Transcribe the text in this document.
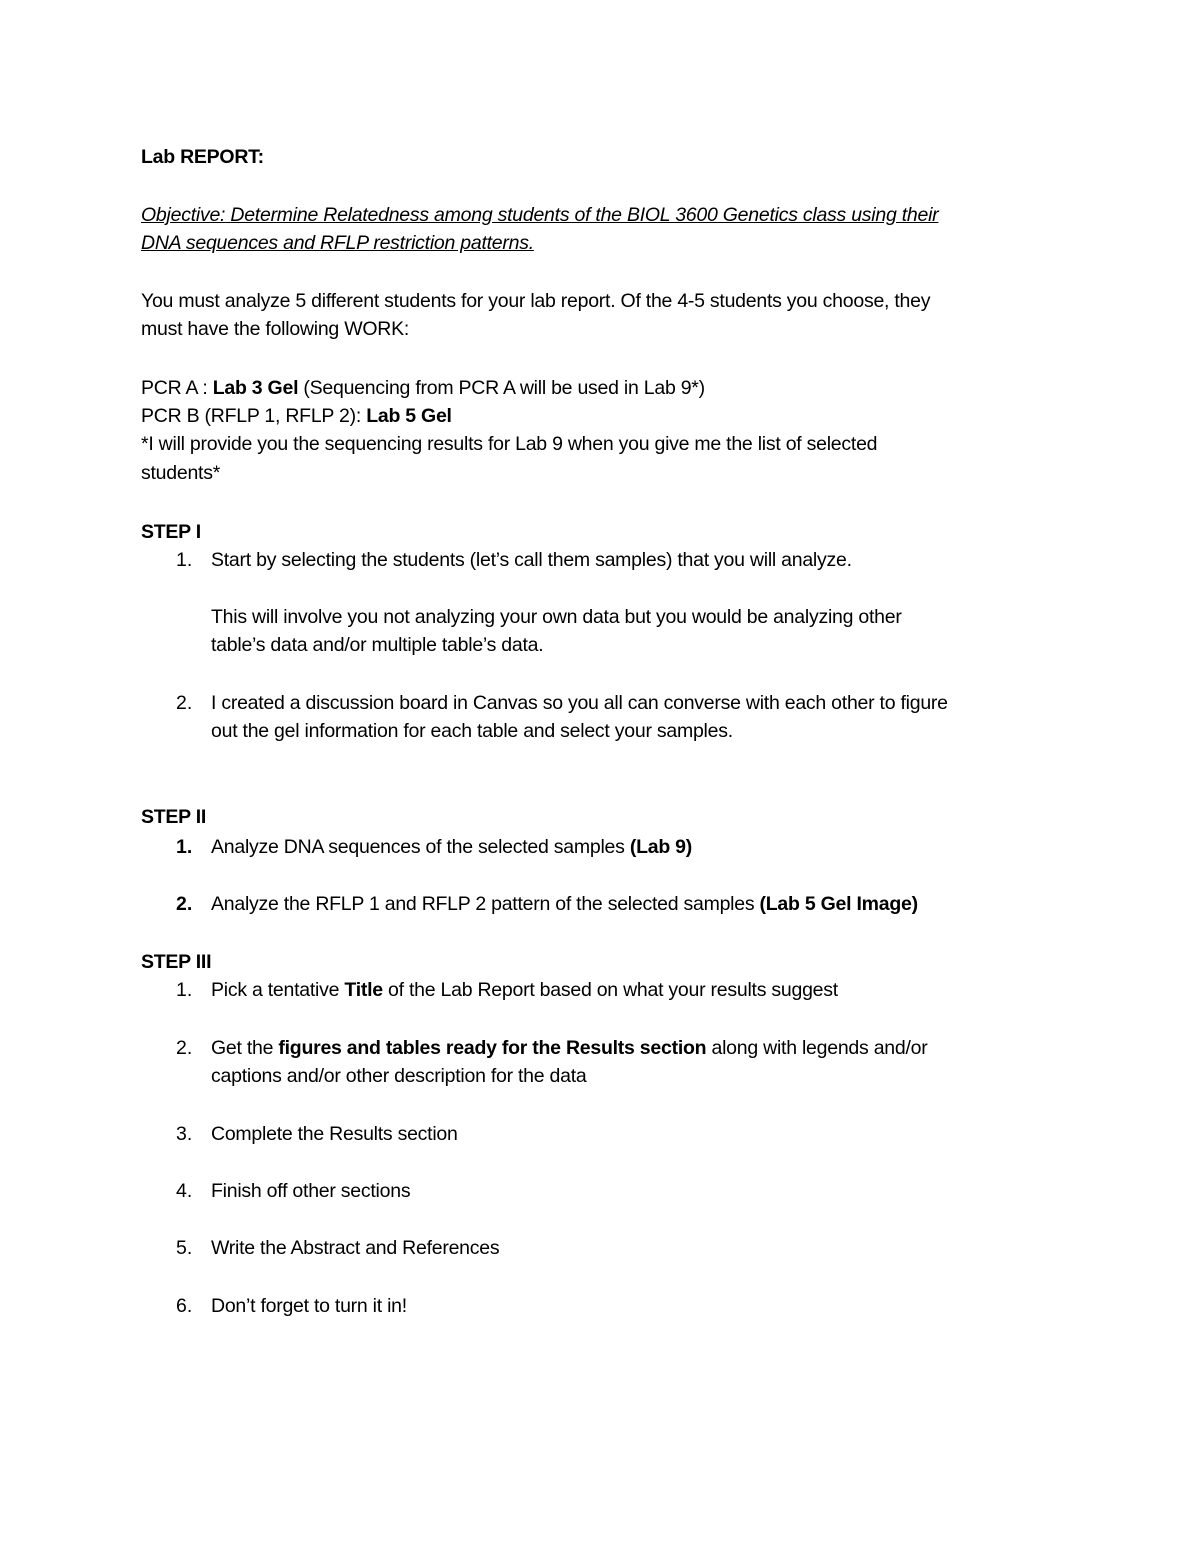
Lab REPORT:
Objective: Determine Relatedness among students of the BIOL 3600 Genetics class using their
DNA sequences and RFLP restriction patterns.
You must analyze 5 different students for your lab report. Of the 4-5 students you choose, they
must have the following WORK:
PCR A : Lab 3 Gel (Sequencing from PCR A will be used in Lab 9*)
PCR B (RFLP 1, RFLP 2): Lab 5 Gel
*I will provide you the sequencing results for Lab 9 when you give me the list of selected
students*
STEP I
1. Start by selecting the students (let’s call them samples) that you will analyze.
This will involve you not analyzing your own data but you would be analyzing other
table’s data and/or multiple table’s data.
2. I created a discussion board in Canvas so you all can converse with each other to figure
out the gel information for each table and select your samples.
STEP II
1. Analyze DNA sequences of the selected samples (Lab 9)
2. Analyze the RFLP 1 and RFLP 2 pattern of the selected samples (Lab 5 Gel Image)
STEP III
1. Pick a tentative Title of the Lab Report based on what your results suggest
2. Get the figures and tables ready for the Results section along with legends and/or
captions and/or other description for the data
3. Complete the Results section
4. Finish off other sections
5. Write the Abstract and References
6. Don’t forget to turn it in!
